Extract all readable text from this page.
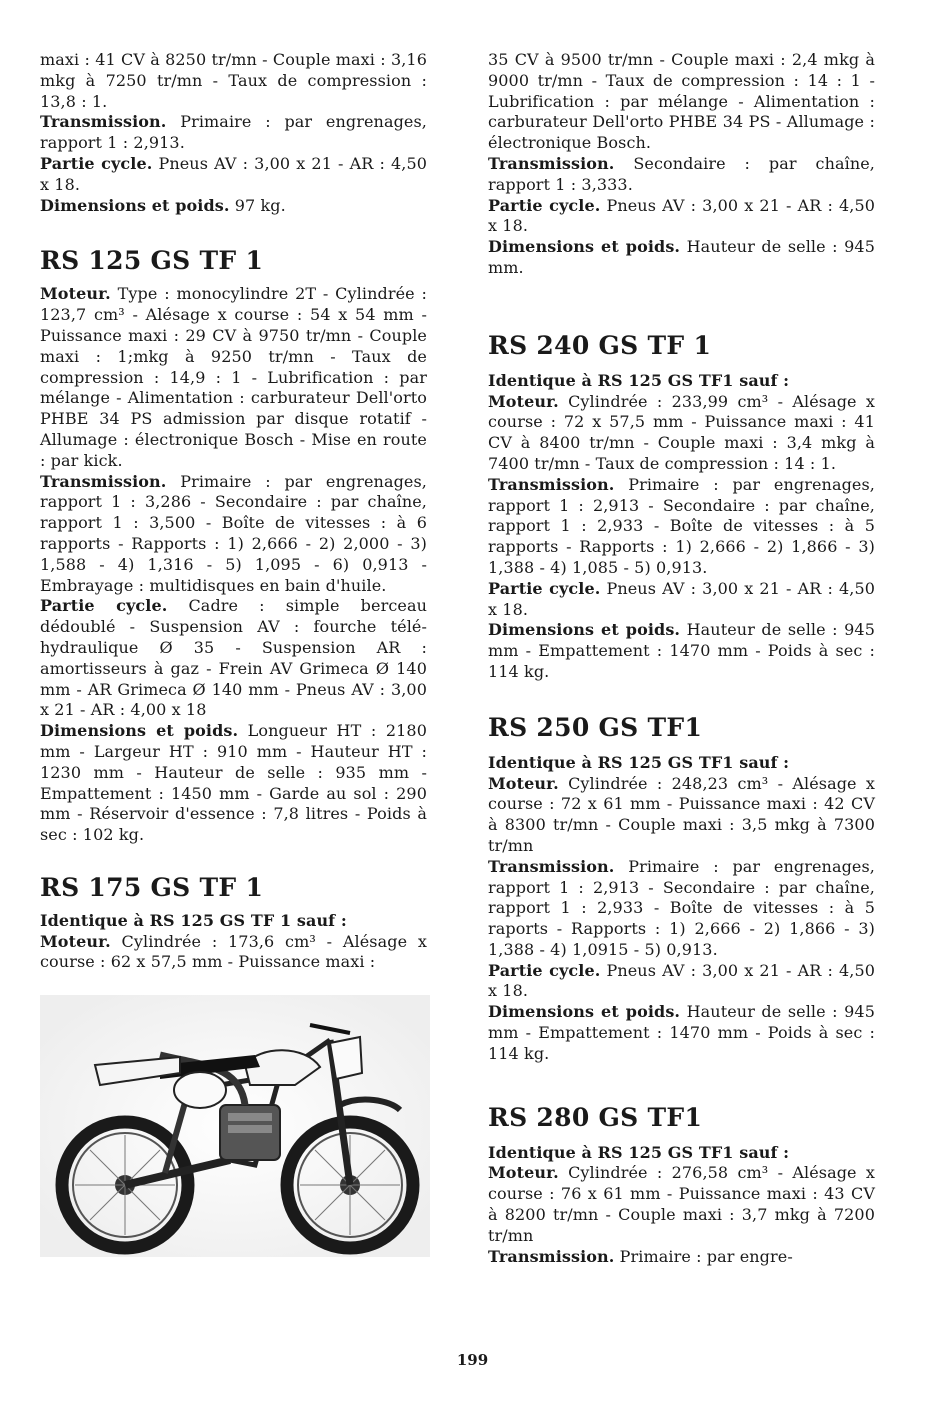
maxi : 41 CV à 8250 tr/mn - Couple maxi : 3,16 mkg à 7250 tr/mn - Taux de compression : 13,8 : 1.

Transmission. Primaire : par engrenages, rapport 1 : 2,913.

Partie cycle. Pneus AV : 3,00 x 21 - AR : 4,50 x 18.

Dimensions et poids. 97 kg.

RS 125 GS TF 1

Moteur. Type : monocylindre 2T - Cylindrée : 123,7 cm³ - Alésage x course : 54 x 54 mm - Puissance maxi : 29 CV à 9750 tr/mn - Couple maxi : 1;mkg à 9250 tr/mn - Taux de compression : 14,9 : 1 - Lubrification : par mélange - Alimentation : carburateur Dell'orto PHBE 34 PS admission par disque rotatif - Allumage : électronique Bosch - Mise en route : par kick.

Transmission. Primaire : par engrenages, rapport 1 : 3,286 - Secondaire : par chaîne, rapport 1 : 3,500 - Boîte de vitesses : à 6 rapports - Rapports : 1) 2,666 - 2) 2,000 - 3) 1,588 - 4) 1,316 - 5) 1,095 - 6) 0,913 - Embrayage : multidisques en bain d'huile.

Partie cycle. Cadre : simple berceau dédoublé - Suspension AV : fourche télé-hydraulique Ø 35 - Suspension AR : amortisseurs à gaz - Frein AV Grimeca Ø 140 mm - AR Grimeca Ø 140 mm - Pneus AV : 3,00 x 21 - AR : 4,00 x 18

Dimensions et poids. Longueur HT : 2180 mm - Largeur HT : 910 mm - Hauteur HT : 1230 mm - Hauteur de selle : 935 mm - Empattement : 1450 mm - Garde au sol : 290 mm - Réservoir d'essence : 7,8 litres - Poids à sec : 102 kg.

RS 175 GS TF 1

Identique à RS 125 GS TF 1 sauf :

Moteur. Cylindrée : 173,6 cm³ - Alésage x course : 62 x 57,5 mm - Puissance maxi :

35 CV à 9500 tr/mn - Couple maxi : 2,4 mkg à 9000 tr/mn - Taux de compression : 14 : 1 - Lubrification : par mélange - Alimentation : carburateur Dell'orto PHBE 34 PS - Allumage : électronique Bosch.

Transmission. Secondaire : par chaîne, rapport 1 : 3,333.

Partie cycle. Pneus AV : 3,00 x 21 - AR : 4,50 x 18.

Dimensions et poids. Hauteur de selle : 945 mm.

RS 240 GS TF 1

Identique à RS 125 GS TF1 sauf :

Moteur. Cylindrée : 233,99 cm³ - Alésage x course : 72 x 57,5 mm - Puissance maxi : 41 CV à 8400 tr/mn - Couple maxi : 3,4 mkg à 7400 tr/mn - Taux de compression : 14 : 1.

Transmission. Primaire : par engrenages, rapport 1 : 2,913 - Secondaire : par chaîne, rapport 1 : 2,933 - Boîte de vitesses : à 5 rapports - Rapports : 1) 2,666 - 2) 1,866 - 3) 1,388 - 4) 1,085 - 5) 0,913.

Partie cycle. Pneus AV : 3,00 x 21 - AR : 4,50 x 18.

Dimensions et poids. Hauteur de selle : 945 mm - Empattement : 1470 mm - Poids à sec : 114 kg.

RS 250 GS TF1

Identique à RS 125 GS TF1 sauf :

Moteur. Cylindrée : 248,23 cm³ - Alésage x course : 72 x 61 mm - Puissance maxi : 42 CV à 8300 tr/mn - Couple maxi : 3,5 mkg à 7300 tr/mn

Transmission. Primaire : par engrenages, rapport 1 : 2,913 - Secondaire : par chaîne, rapport 1 : 2,933 - Boîte de vitesses : à 5 raports - Rapports : 1) 2,666 - 2) 1,866 - 3) 1,388 - 4) 1,0915 - 5) 0,913.

Partie cycle. Pneus AV : 3,00 x 21 - AR : 4,50 x 18.

Dimensions et poids. Hauteur de selle : 945 mm - Empattement : 1470 mm - Poids à sec : 114 kg.

RS 280 GS TF1

Identique à RS 125 GS TF1 sauf :

Moteur. Cylindrée : 276,58 cm³ - Alésage x course : 76 x 61 mm - Puissance maxi : 43 CV à 8200 tr/mn - Couple maxi : 3,7 mkg à 7200 tr/mn

Transmission. Primaire : par engre-

199
